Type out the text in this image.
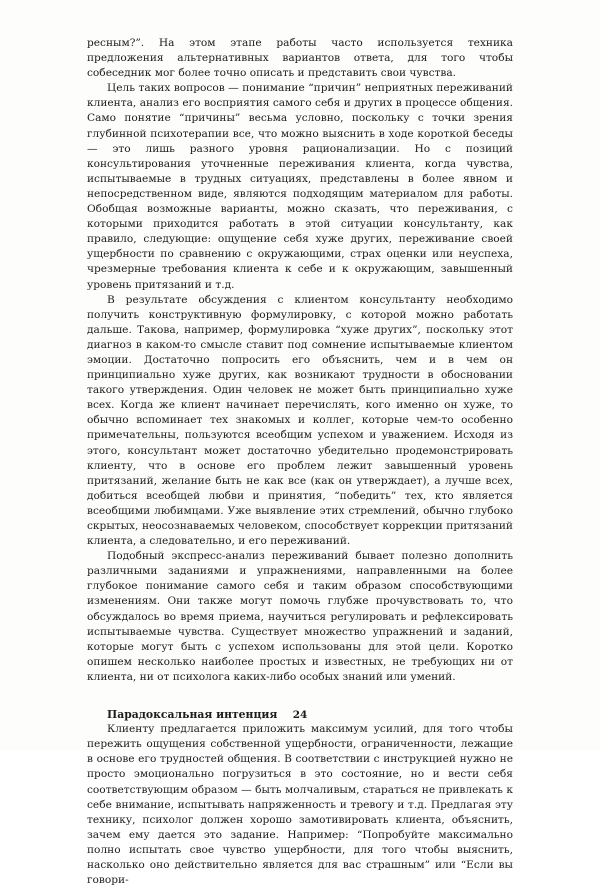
ресным?”. На этом этапе работы часто используется техника предложения альтернативных вариантов ответа, для того чтобы собеседник мог более точно описать и представить свои чувства.

Цель таких вопросов — понимание “причин” неприятных переживаний клиента, анализ его восприятия самого себя и других в процессе общения. Само понятие “причины” весьма условно, поскольку с точки зрения глубинной психотерапии все, что можно выяснить в ходе короткой беседы — это лишь разного уровня рационализации. Но с позиций консультирования уточненные переживания клиента, когда чувства, испытываемые в трудных ситуациях, представлены в более явном и непосредственном виде, являются подходящим материалом для работы. Обобщая возможные варианты, можно сказать, что переживания, с которыми приходится работать в этой ситуации консультанту, как правило, следующие: ощущение себя хуже других, переживание своей ущербности по сравнению с окружающими, страх оценки или неуспеха, чрезмерные требования клиента к себе и к окружающим, завышенный уровень притязаний и т.д.

В результате обсуждения с клиентом консультанту необходимо получить конструктивную формулировку, с которой можно работать дальше. Такова, например, формулировка “хуже других”, поскольку этот диагноз в каком-то смысле ставит под сомнение испытываемые клиентом эмоции. Достаточно попросить его объяснить, чем и в чем он принципиально хуже других, как возникают трудности в обосновании такого утверждения. Один человек не может быть принципиально хуже всех. Когда же клиент начинает перечислять, кого именно он хуже, то обычно вспоминает тех знакомых и коллег, которые чем-то особенно примечательны, пользуются всеобщим успехом и уважением. Исходя из этого, консультант может достаточно убедительно продемонстрировать клиенту, что в основе его проблем лежит завышенный уровень притязаний, желание быть не как все (как он утверждает), а лучше всех, добиться всеобщей любви и принятия, “победить” тех, кто является всеобщими любимцами. Уже выявление этих стремлений, обычно глубоко скрытых, неосознаваемых человеком, способствует коррекции притязаний клиента, а следовательно, и его переживаний.

Подобный экспресс-анализ переживаний бывает полезно дополнить различными заданиями и упражнениями, направленными на более глубокое понимание самого себя и таким образом способствующими изменениям. Они также могут помочь глубже прочувствовать то, что обсуждалось во время приема, научиться регулировать и рефлексировать испытываемые чувства. Существует множество упражнений и заданий, которые могут быть с успехом использованы для этой цели. Коротко опишем несколько наиболее простых и известных, не требующих ни от клиента, ни от психолога каких-либо особых знаний или умений.

Парадоксальная интенция

Клиенту предлагается приложить максимум усилий, для того чтобы пережить ощущения собственной ущербности, ограниченности, лежащие в основе его трудностей общения. В соответствии с инструкцией нужно не просто эмоционально погрузиться в это состояние, но и вести себя соответствующим образом — быть молчаливым, стараться не привлекать к себе внимание, испытывать напряженность и тревогу и т.д. Предлагая эту технику, психолог должен хорошо замотивировать клиента, объяснить, зачем ему дается это задание. Например: “Попробуйте максимально полно испытать свое чувство ущербности, для того чтобы выяснить, насколько оно действительно является для вас страшным” или “Если вы говори-

24
